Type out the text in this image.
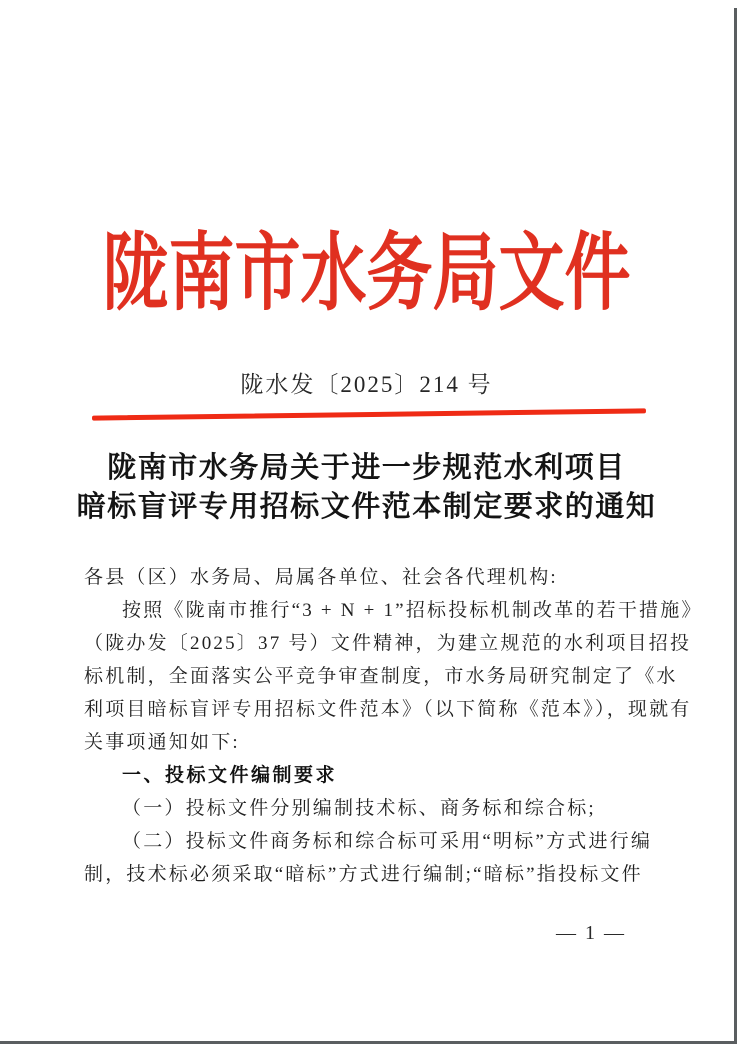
陇南市水务局文件
陇水发〔2025〕214 号
陇南市水务局关于进一步规范水利项目
暗标盲评专用招标文件范本制定要求的通知
各县（区）水务局、局属各单位、社会各代理机构:
按照《陇南市推行“3 + N + 1”招标投标机制改革的若干措施》
（陇办发〔2025〕37 号）文件精神，为建立规范的水利项目招投
标机制，全面落实公平竞争审查制度，市水务局研究制定了《水
利项目暗标盲评专用招标文件范本》（以下简称《范本》），现就有
关事项通知如下:
一、投标文件编制要求
（一）投标文件分别编制技术标、商务标和综合标;
（二）投标文件商务标和综合标可采用“明标”方式进行编
制，技术标必须采取“暗标”方式进行编制;“暗标”指投标文件
— 1 —
